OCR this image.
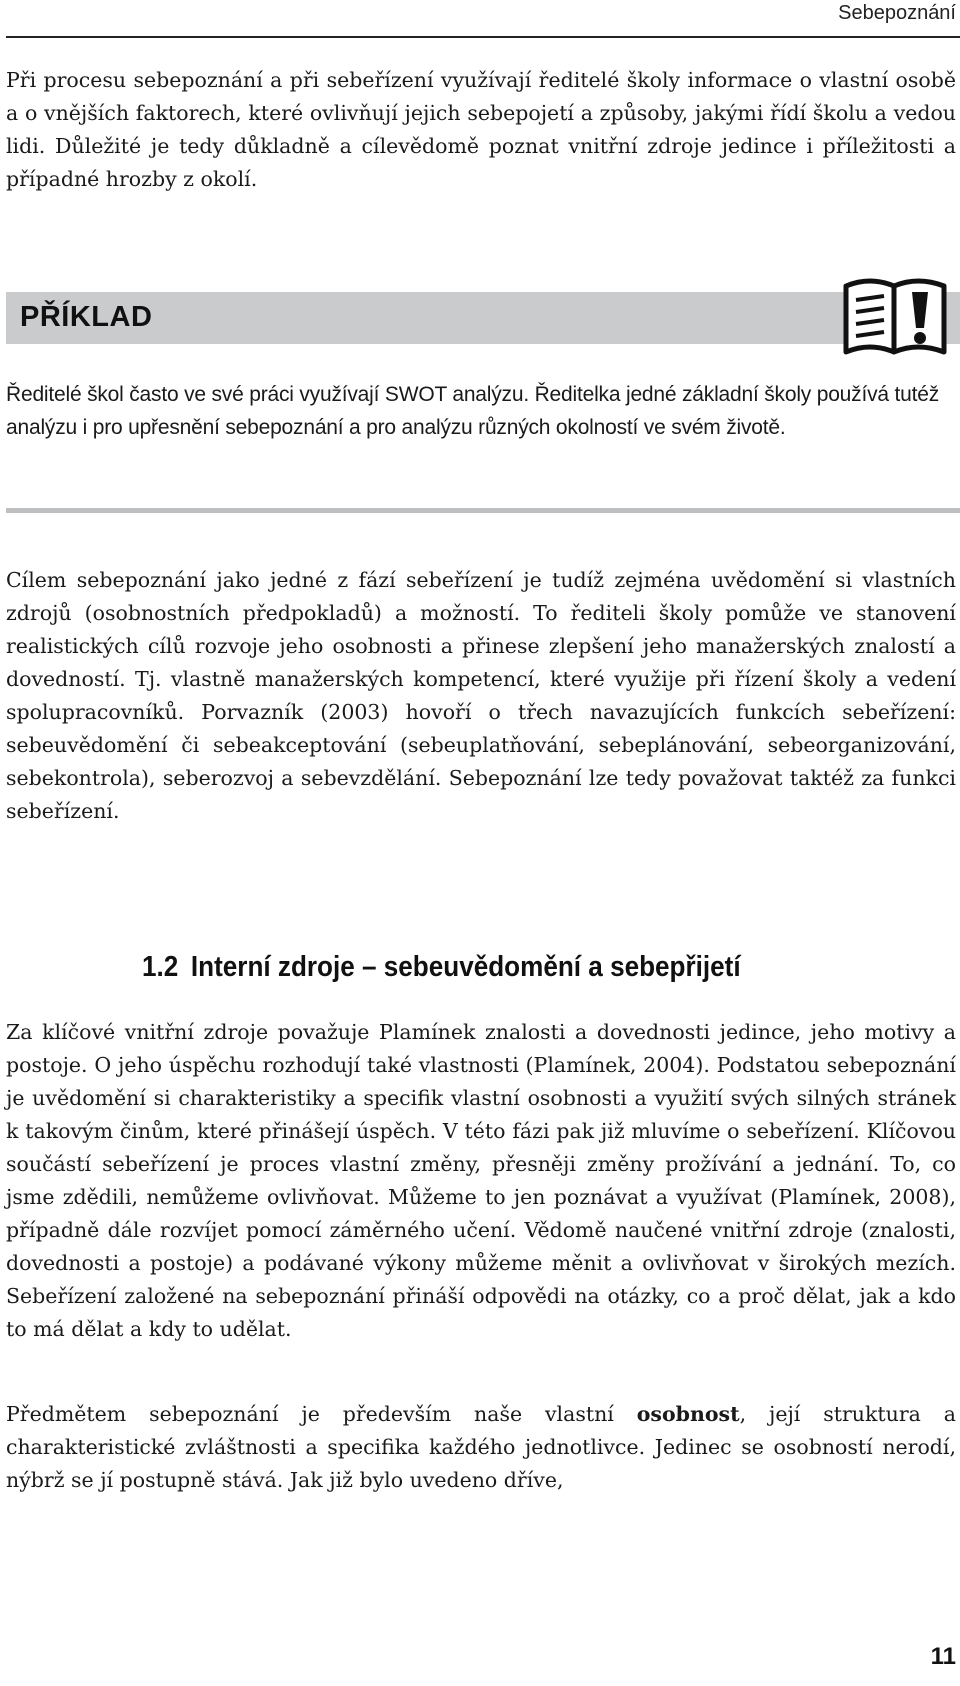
Sebepoznání

Při procesu sebepoznání a při sebeřízení využívají ředitelé školy informace o vlastní osobě a o vnějších faktorech, které ovlivňují jejich sebepojetí a způsoby, jakými řídí školu a vedou lidi. Důležité je tedy důkladně a cílevědomě poznat vnitřní zdroje jedince i příležitosti a případné hrozby z okolí.

PŘÍKLAD

Ředitelé škol často ve své práci využívají SWOT analýzu. Ředitelka jedné základní školy používá tutéž analýzu i pro upřesnění sebepoznání a pro analýzu různých okolností ve svém životě.

Cílem sebepoznání jako jedné z fází sebeřízení je tudíž zejména uvědomění si vlastních zdrojů (osobnostních předpokladů) a možností. To řediteli školy pomůže ve stanovení realistických cílů rozvoje jeho osobnosti a přinese zlepšení jeho manažerských znalostí a dovedností. Tj. vlastně manažerských kompetencí, které využije při řízení školy a vedení spolupracovníků. Porvazník (2003) hovoří o třech navazujících funkcích sebeřízení: sebeuvědomění či sebeakceptování (sebeuplatňování, sebeplánování, sebeorganizování, sebekontrola), seberozvoj a sebevzdělání. Sebepoznání lze tedy považovat taktéž za funkci sebeřízení.

1.2 Interní zdroje – sebeuvědomění a sebepřijetí

Za klíčové vnitřní zdroje považuje Plamínek znalosti a dovednosti jedince, jeho motivy a postoje. O jeho úspěchu rozhodují také vlastnosti (Plamínek, 2004). Podstatou sebepoznání je uvědomění si charakteristiky a specifik vlastní osobnosti a využití svých silných stránek k takovým činům, které přinášejí úspěch. V této fázi pak již mluvíme o sebeřízení. Klíčovou součástí sebeřízení je proces vlastní změny, přesněji změny prožívání a jednání. To, co jsme zdědili, nemůžeme ovlivňovat. Můžeme to jen poznávat a využívat (Plamínek, 2008), případně dále rozvíjet pomocí záměrného učení. Vědomě naučené vnitřní zdroje (znalosti, dovednosti a postoje) a podávané výkony můžeme měnit a ovlivňovat v širokých mezích. Sebeřízení založené na sebepoznání přináší odpovědi na otázky, co a proč dělat, jak a kdo to má dělat a kdy to udělat.

Předmětem sebepoznání je především naše vlastní osobnost, její struktura a charakteristické zvláštnosti a specifika každého jednotlivce. Jedinec se osobností nerodí, nýbrž se jí postupně stává. Jak již bylo uvedeno dříve,

11
